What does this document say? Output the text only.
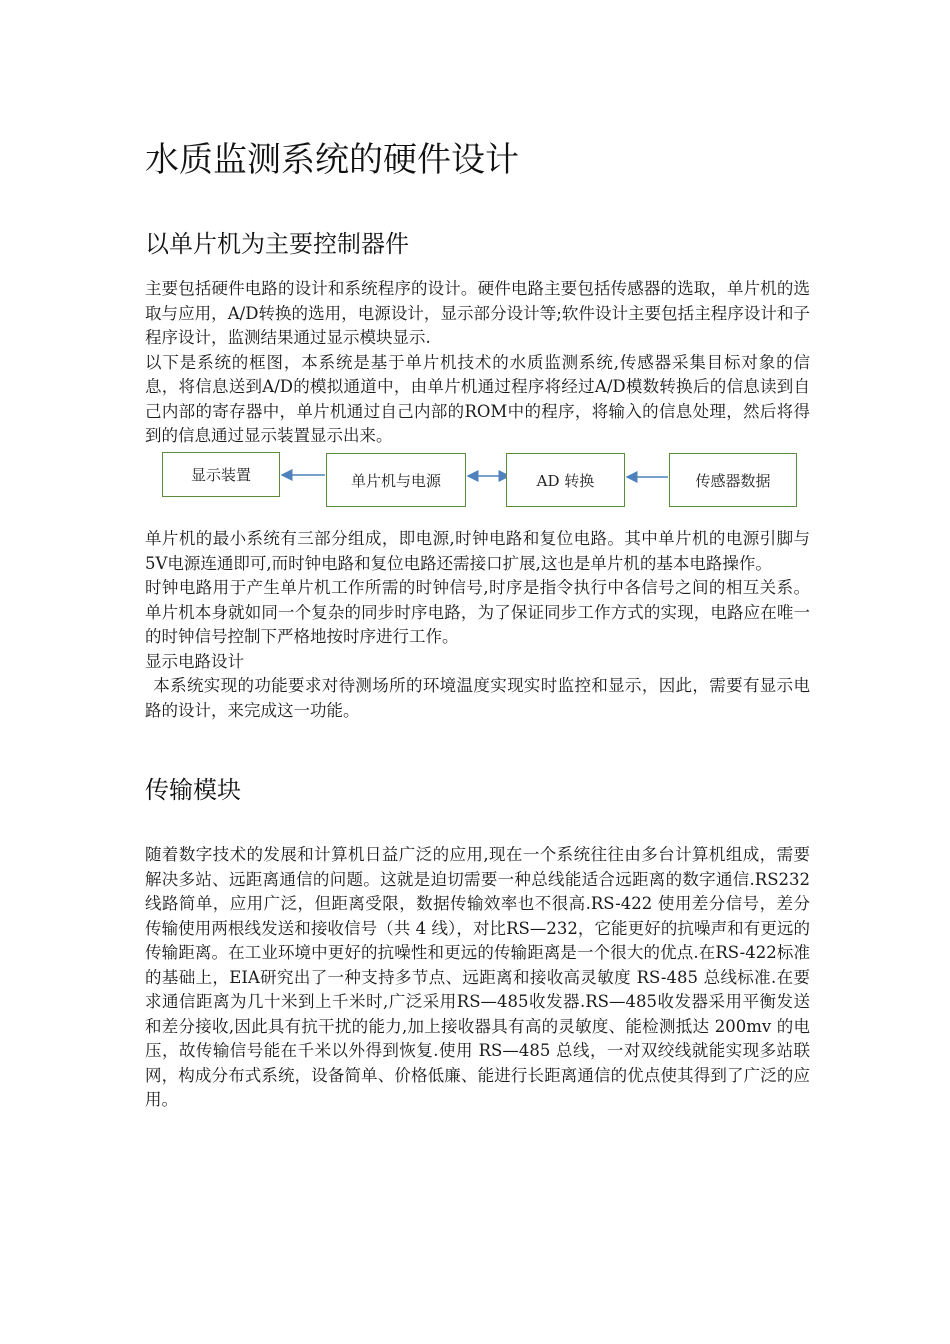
水质监测系统的硬件设计
以单片机为主要控制器件

主要包括硬件电路的设计和系统程序的设计。硬件电路主要包括传感器的选取，单片机的选取与应用，A/D转换的选用，电源设计，显示部分设计等;软件设计主要包括主程序设计和子程序设计，监测结果通过显示模块显示.

以下是系统的框图，本系统是基于单片机技术的水质监测系统,传感器采集目标对象的信息，将信息送到A/D的模拟通道中，由单片机通过程序将经过A/D模数转换后的信息读到自己内部的寄存器中，单片机通过自己内部的ROM中的程序，将输入的信息处理，然后将得到的信息通过显示装置显示出来。

显示装置	单片机与电源	AD 转换	传感器数据

单片机的最小系统有三部分组成，即电源,时钟电路和复位电路。其中单片机的电源引脚与5V电源连通即可,而时钟电路和复位电路还需接口扩展,这也是单片机的基本电路操作。

时钟电路用于产生单片机工作所需的时钟信号,时序是指令执行中各信号之间的相互关系。单片机本身就如同一个复杂的同步时序电路，为了保证同步工作方式的实现，电路应在唯一的时钟信号控制下严格地按时序进行工作。

显示电路设计

本系统实现的功能要求对待测场所的环境温度实现实时监控和显示，因此，需要有显示电路的设计，来完成这一功能。

传输模块

随着数字技术的发展和计算机日益广泛的应用,现在一个系统往往由多台计算机组成，需要解决多站、远距离通信的问题。这就是迫切需要一种总线能适合远距离的数字通信.RS232 线路简单，应用广泛，但距离受限，数据传输效率也不很高.RS-422 使用差分信号，差分传输使用两根线发送和接收信号（共 4 线），对比RS—232，它能更好的抗噪声和有更远的传输距离。在工业环境中更好的抗噪性和更远的传输距离是一个很大的优点.在RS-422标准的基础上，EIA研究出了一种支持多节点、远距离和接收高灵敏度 RS-485 总线标准.在要求通信距离为几十米到上千米时,广泛采用RS—485收发器.RS—485收发器采用平衡发送和差分接收,因此具有抗干扰的能力,加上接收器具有高的灵敏度、能检测抵达 200mv 的电压，故传输信号能在千米以外得到恢复.使用 RS—485 总线，一对双绞线就能实现多站联网，构成分布式系统，设备简单、价格低廉、能进行长距离通信的优点使其得到了广泛的应用。
